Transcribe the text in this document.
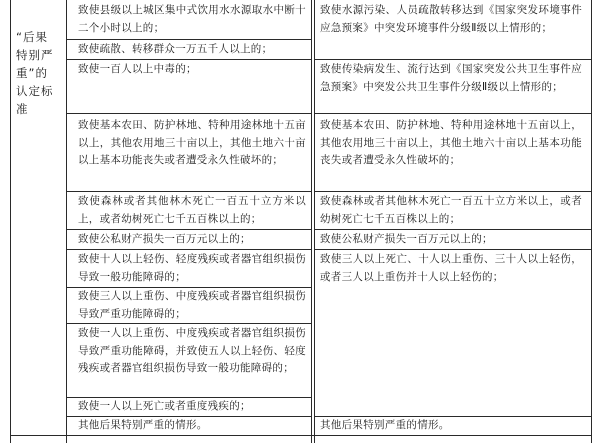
“后果特别严重”的认定标准
致使县级以上城区集中式饮用水水源取水中断十二个小时以上的；
致使疏散、转移群众一万五千人以上的；
致使一百人以上中毒的；
致使基本农田、防护林地、特种用途林地十五亩以上，其他农用地三十亩以上，其他土地六十亩以上基本功能丧失或者遭受永久性破坏的；
致使森林或者其他林木死亡一百五十立方米以上，或者幼树死亡七千五百株以上的；
致使公私财产损失一百万元以上的；
致使十人以上轻伤、轻度残疾或者器官组织损伤导致一般功能障碍的；
致使三人以上重伤、中度残疾或者器官组织损伤导致严重功能障碍的；
致使一人以上重伤、中度残疾或者器官组织损伤导致严重功能障碍，并致使五人以上轻伤、轻度残疾或者器官组织损伤导致一般功能障碍的；
致使一人以上死亡或者重度残疾的；
其他后果特别严重的情形。
致使水源污染、人员疏散转移达到《国家突发环境事件应急预案》中突发环境事件分级Ⅱ级以上情形的；
致使传染病发生、流行达到《国家突发公共卫生事件应急预案》中突发公共卫生事件分级Ⅱ级以上情形的；
致使基本农田、防护林地、特种用途林地十五亩以上，其他农用地三十亩以上，其他土地六十亩以上基本功能丧失或者遭受永久性破坏的；
致使森林或者其他林木死亡一百五十立方米以上，或者幼树死亡七千五百株以上的；
致使公私财产损失一百万元以上的；
致使三人以上死亡、十人以上重伤、三十人以上轻伤，或者三人以上重伤并十人以上轻伤的；
其他后果特别严重的情形。
